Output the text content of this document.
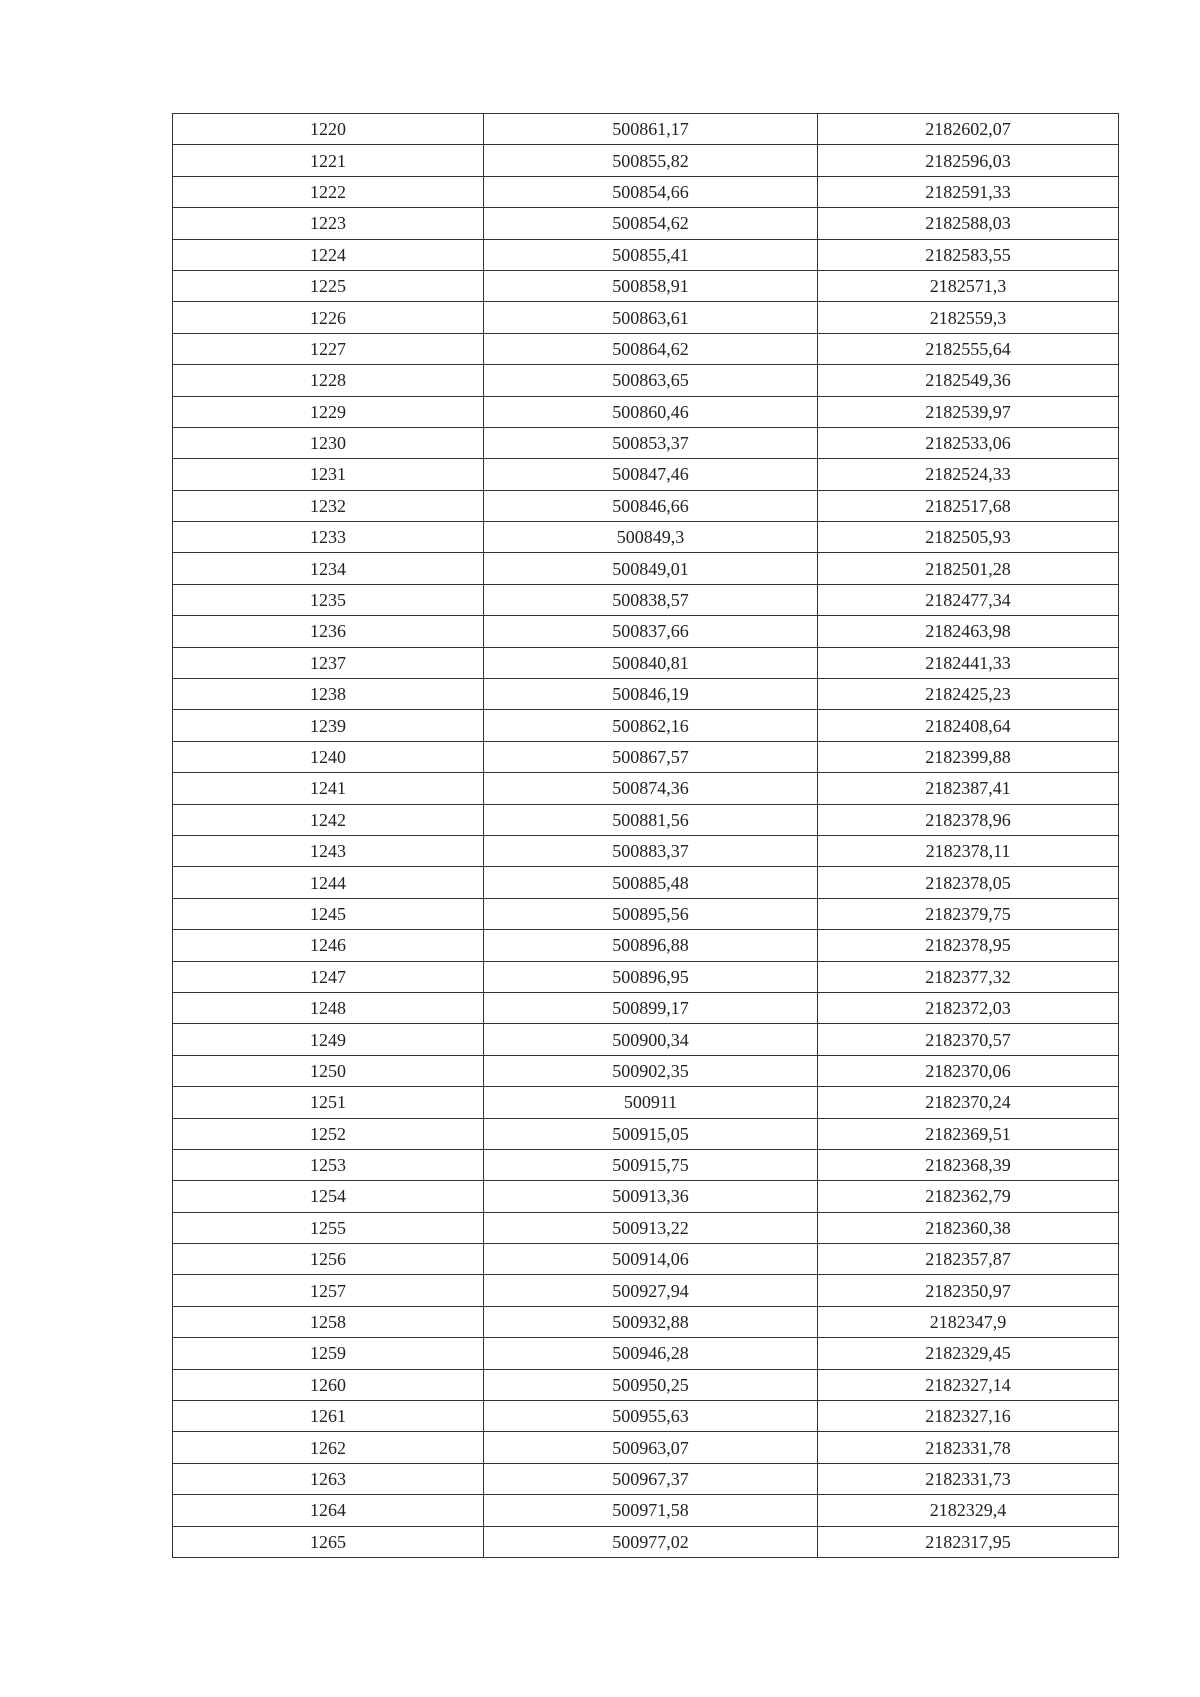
1220	500861,17	2182602,07
1221	500855,82	2182596,03
1222	500854,66	2182591,33
1223	500854,62	2182588,03
1224	500855,41	2182583,55
1225	500858,91	2182571,3
1226	500863,61	2182559,3
1227	500864,62	2182555,64
1228	500863,65	2182549,36
1229	500860,46	2182539,97
1230	500853,37	2182533,06
1231	500847,46	2182524,33
1232	500846,66	2182517,68
1233	500849,3	2182505,93
1234	500849,01	2182501,28
1235	500838,57	2182477,34
1236	500837,66	2182463,98
1237	500840,81	2182441,33
1238	500846,19	2182425,23
1239	500862,16	2182408,64
1240	500867,57	2182399,88
1241	500874,36	2182387,41
1242	500881,56	2182378,96
1243	500883,37	2182378,11
1244	500885,48	2182378,05
1245	500895,56	2182379,75
1246	500896,88	2182378,95
1247	500896,95	2182377,32
1248	500899,17	2182372,03
1249	500900,34	2182370,57
1250	500902,35	2182370,06
1251	500911	2182370,24
1252	500915,05	2182369,51
1253	500915,75	2182368,39
1254	500913,36	2182362,79
1255	500913,22	2182360,38
1256	500914,06	2182357,87
1257	500927,94	2182350,97
1258	500932,88	2182347,9
1259	500946,28	2182329,45
1260	500950,25	2182327,14
1261	500955,63	2182327,16
1262	500963,07	2182331,78
1263	500967,37	2182331,73
1264	500971,58	2182329,4
1265	500977,02	2182317,95
